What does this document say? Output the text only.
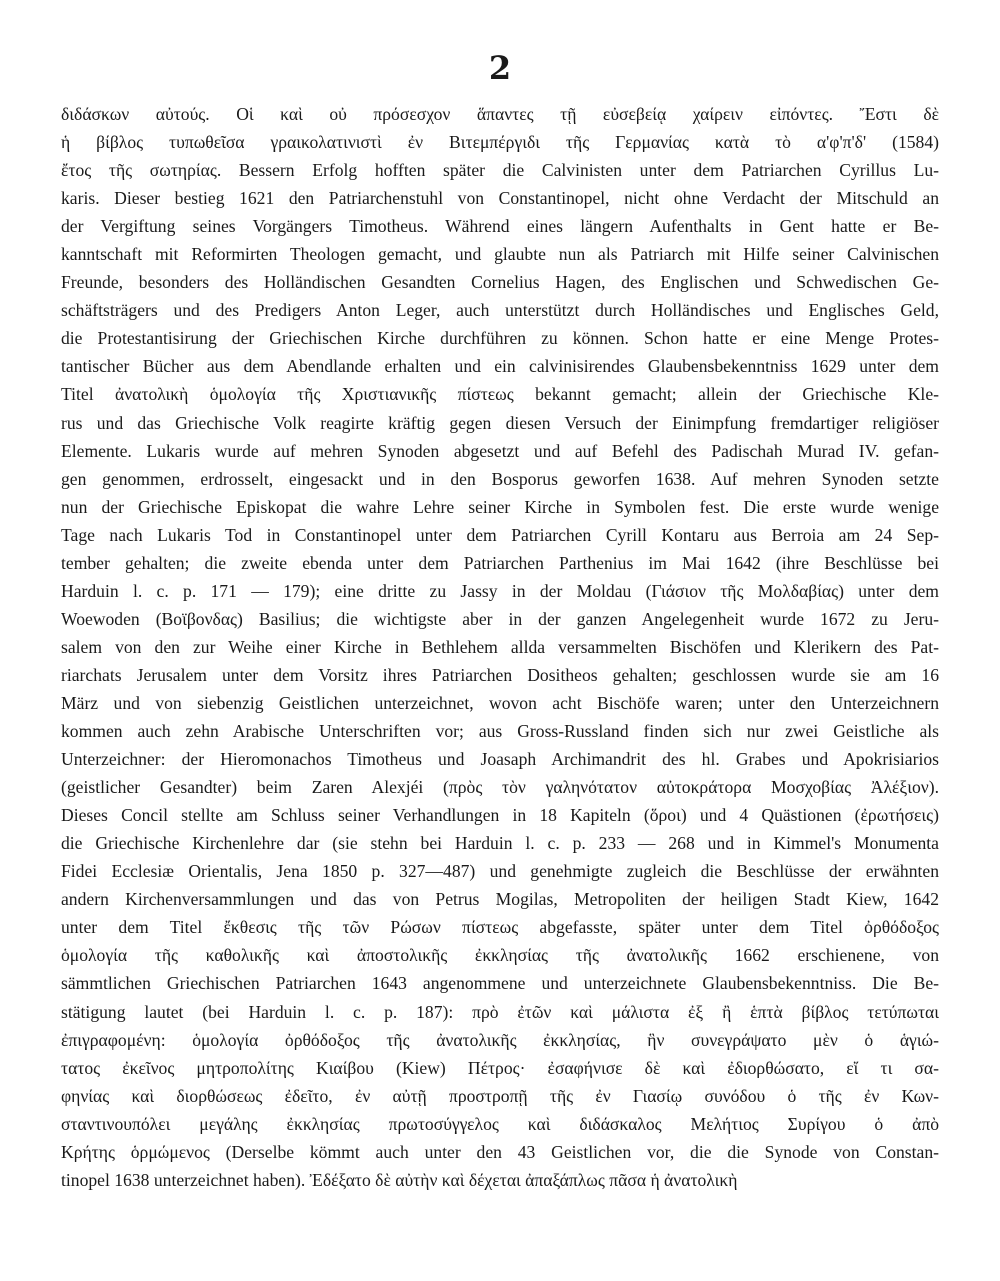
2
διδάσκων αὐτούς. Οἱ καὶ οὐ πρόσεσχον ἅπαντες τῇ εὐσεβείᾳ χαίρειν εἰπόντες. Ἔστι δὲ
ἡ βίβλος τυπωθεῖσα γραικολατινιστὶ ἐν Βιτεμπέργιδι τῆς Γερμανίας κατὰ τὸ α'φ'π'δ' (1584)
ἔτος τῆς σωτηρίας. Bessern Erfolg hofften später die Calvinisten unter dem Patriarchen Cyrillus Lu-
karis. Dieser bestieg 1621 den Patriarchenstuhl von Constantinopel, nicht ohne Verdacht der Mitschuld an
der Vergiftung seines Vorgängers Timotheus. Während eines längern Aufenthalts in Gent hatte er Be-
kanntschaft mit Reformirten Theologen gemacht, und glaubte nun als Patriarch mit Hilfe seiner Calvinischen
Freunde, besonders des Holländischen Gesandten Cornelius Hagen, des Englischen und Schwedischen Ge-
schäftsträgers und des Predigers Anton Leger, auch unterstützt durch Holländisches und Englisches Geld,
die Protestantisirung der Griechischen Kirche durchführen zu können. Schon hatte er eine Menge Protes-
tantischer Bücher aus dem Abendlande erhalten und ein calvinisirendes Glaubensbekenntniss 1629 unter dem
Titel ἀνατολικὴ ὁμολογία τῆς Χριστιανικῆς πίστεως bekannt gemacht; allein der Griechische Kle-
rus und das Griechische Volk reagirte kräftig gegen diesen Versuch der Einimpfung fremdartiger religiöser
Elemente. Lukaris wurde auf mehren Synoden abgesetzt und auf Befehl des Padischah Murad IV. gefan-
gen genommen, erdrosselt, eingesackt und in den Bosporus geworfen 1638. Auf mehren Synoden setzte
nun der Griechische Episkopat die wahre Lehre seiner Kirche in Symbolen fest. Die erste wurde wenige
Tage nach Lukaris Tod in Constantinopel unter dem Patriarchen Cyrill Kontaru aus Berroia am 24 Sep-
tember gehalten; die zweite ebenda unter dem Patriarchen Parthenius im Mai 1642 (ihre Beschlüsse bei
Harduin l. c. p. 171 — 179); eine dritte zu Jassy in der Moldau (Γιάσιον τῆς Μολδαβίας) unter dem
Woewoden (Βοϊβονδας) Basilius; die wichtigste aber in der ganzen Angelegenheit wurde 1672 zu Jeru-
salem von den zur Weihe einer Kirche in Bethlehem allda versammelten Bischöfen und Klerikern des Pat-
riarchats Jerusalem unter dem Vorsitz ihres Patriarchen Dositheos gehalten; geschlossen wurde sie am 16
März und von siebenzig Geistlichen unterzeichnet, wovon acht Bischöfe waren; unter den Unterzeichnern
kommen auch zehn Arabische Unterschriften vor; aus Gross-Russland finden sich nur zwei Geistliche als
Unterzeichner: der Hieromonachos Timotheus und Joasaph Archimandrit des hl. Grabes und Apokrisiarios
(geistlicher Gesandter) beim Zaren Alexjéi (πρὸς τὸν γαληνότατον αὐτοκράτορα Μοσχοβίας Ἀλέξιον).
Dieses Concil stellte am Schluss seiner Verhandlungen in 18 Kapiteln (ὅροι) und 4 Quästionen (ἐρωτήσεις)
die Griechische Kirchenlehre dar (sie stehn bei Harduin l. c. p. 233 — 268 und in Kimmel's Monumenta
Fidei Ecclesiæ Orientalis, Jena 1850 p. 327—487) und genehmigte zugleich die Beschlüsse der erwähnten
andern Kirchenversammlungen und das von Petrus Mogilas, Metropoliten der heiligen Stadt Kiew, 1642
unter dem Titel ἔκθεσις τῆς τῶν Ρώσων πίστεως abgefasste, später unter dem Titel ὀρθόδοξος
ὁμολογία τῆς καθολικῆς καὶ ἀποστολικῆς ἐκκλησίας τῆς ἀνατολικῆς 1662 erschienene, von
sämmtlichen Griechischen Patriarchen 1643 angenommene und unterzeichnete Glaubensbekenntniss. Die Be-
stätigung lautet (bei Harduin l. c. p. 187): πρὸ ἐτῶν καὶ μάλιστα ἐξ ἢ ἑπτὰ βίβλος τετύπωται
ἐπιγραφομένη: ὁμολογία ὀρθόδοξος τῆς ἀνατολικῆς ἐκκλησίας, ἣν συνεγράψατο μὲν ὁ ἁγιώ-
τατος ἐκεῖνος μητροπολίτης Κιαίβου (Kiew) Πέτρος· ἐσαφήνισε δὲ καὶ ἐδιορθώσατο, εἴ τι σα-
φηνίας καὶ διορθώσεως ἐδεῖτο, ἐν αὐτῇ προστροπῇ τῆς ἐν Γιασίῳ συνόδου ὁ τῆς ἐν Κων-
σταντινουπόλει μεγάλης ἐκκλησίας πρωτοσύγγελος καὶ διδάσκαλος Μελήτιος Συρίγου ὁ ἀπὸ
Κρήτης ὁρμώμενος (Derselbe kömmt auch unter den 43 Geistlichen vor, die die Synode von Constan-
tinopel 1638 unterzeichnet haben). Ἐδέξατο δὲ αὐτὴν καὶ δέχεται ἀπαξάπλως πᾶσα ἡ ἀνατολικὴ
